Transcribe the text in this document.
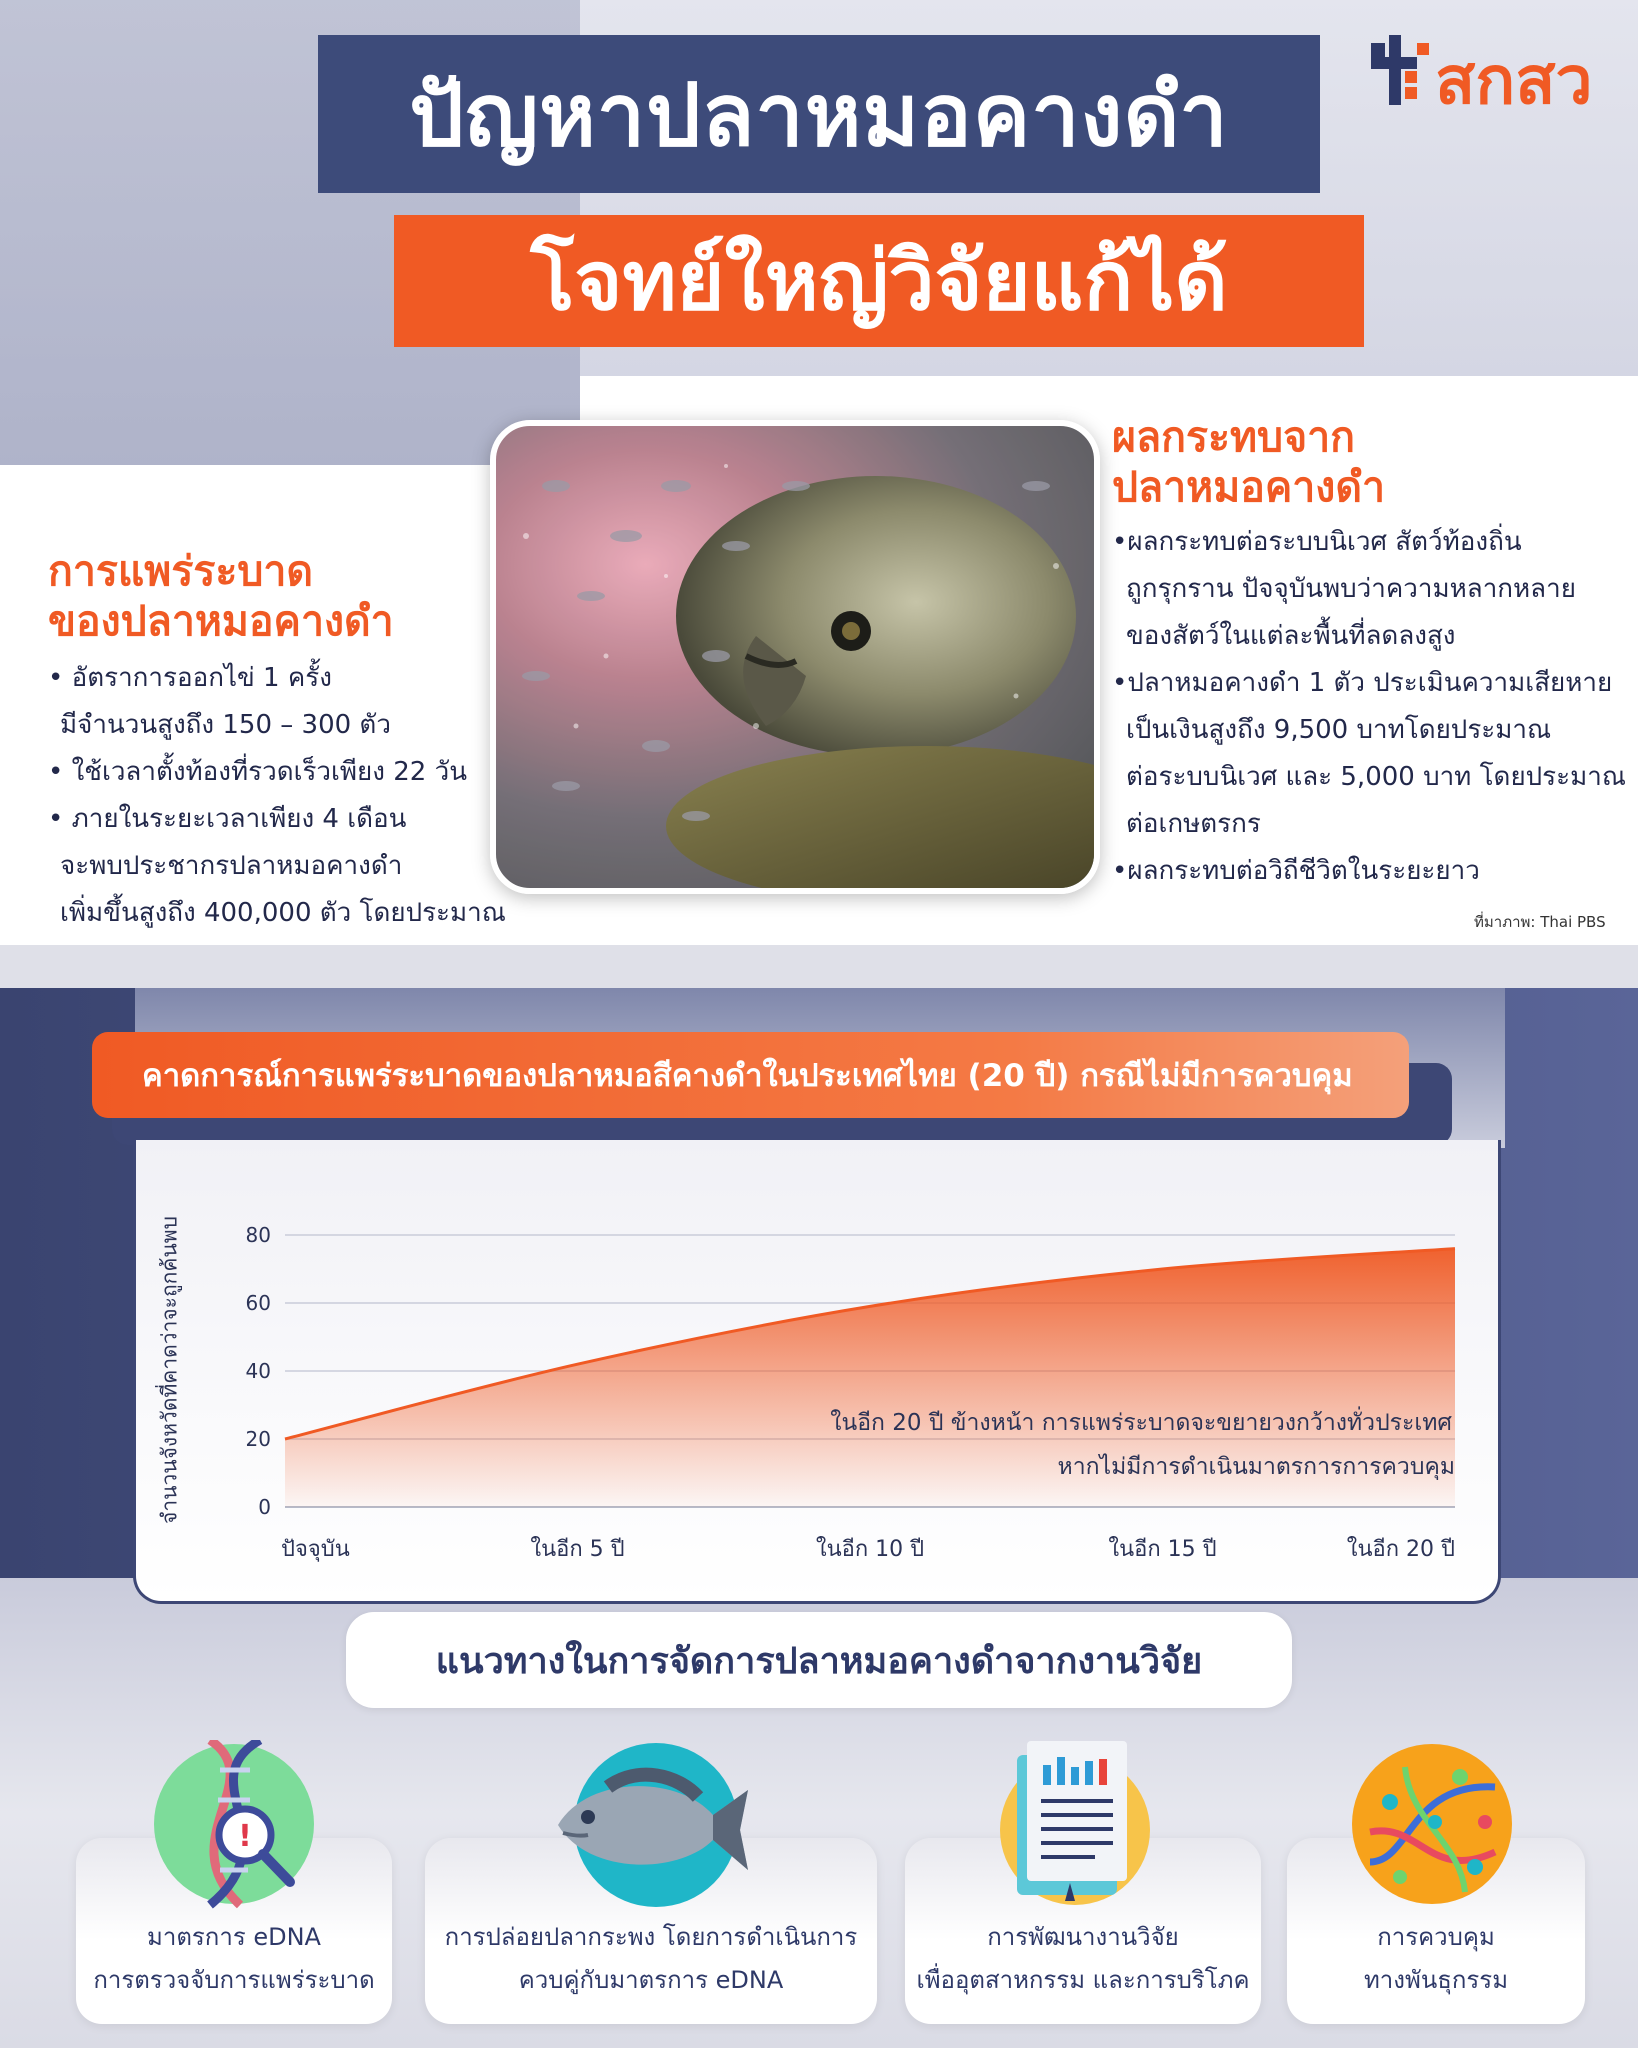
ปัญหาปลาหมอคางดำ
โจทย์ใหญ่วิจัยแก้ได้
สกสว
การแพร่ระบาด
ของปลาหมอคางดำ
• อัตราการออกไข่ 1 ครั้ง
มีจำนวนสูงถึง 150 – 300 ตัว
• ใช้เวลาตั้งท้องที่รวดเร็วเพียง 22 วัน
• ภายในระยะเวลาเพียง 4 เดือน
จะพบประชากรปลาหมอคางดำ
เพิ่มขึ้นสูงถึง 400,000 ตัว โดยประมาณ
ผลกระทบจาก
ปลาหมอคางดำ
•ผลกระทบต่อระบบนิเวศ สัตว์ท้องถิ่น
ถูกรุกราน ปัจจุบันพบว่าความหลากหลาย
ของสัตว์ในแต่ละพื้นที่ลดลงสูง
•ปลาหมอคางดำ 1 ตัว ประเมินความเสียหาย
เป็นเงินสูงถึง 9,500 บาทโดยประมาณ
ต่อระบบนิเวศ และ 5,000 บาท โดยประมาณ
ต่อเกษตรกร
•ผลกระทบต่อวิถีชีวิตในระยะยาว
ที่มาภาพ: Thai PBS
คาดการณ์การแพร่ระบาดของปลาหมอสีคางดำในประเทศไทย (20 ปี) กรณีไม่มีการควบคุม
จำนวนจังหวัดที่คาดว่าจะถูกค้นพบ	0
20
40
60
80
ปัจจุบัน	ในอีก 5 ปี	ในอีก 10 ปี	ในอีก 15 ปี	ในอีก 20 ปี
ในอีก 20 ปี ข้างหน้า การแพร่ระบาดจะขยายวงกว้างทั่วประเทศ
หากไม่มีการดำเนินมาตรการการควบคุม
แนวทางในการจัดการปลาหมอคางดำจากงานวิจัย
มาตรการ eDNA
การตรวจจับการแพร่ระบาด
การปล่อยปลากระพง โดยการดำเนินการ
ควบคู่กับมาตรการ eDNA
การพัฒนางานวิจัย
เพื่ออุตสาหกรรม และการบริโภค
การควบคุม
ทางพันธุกรรม
!
